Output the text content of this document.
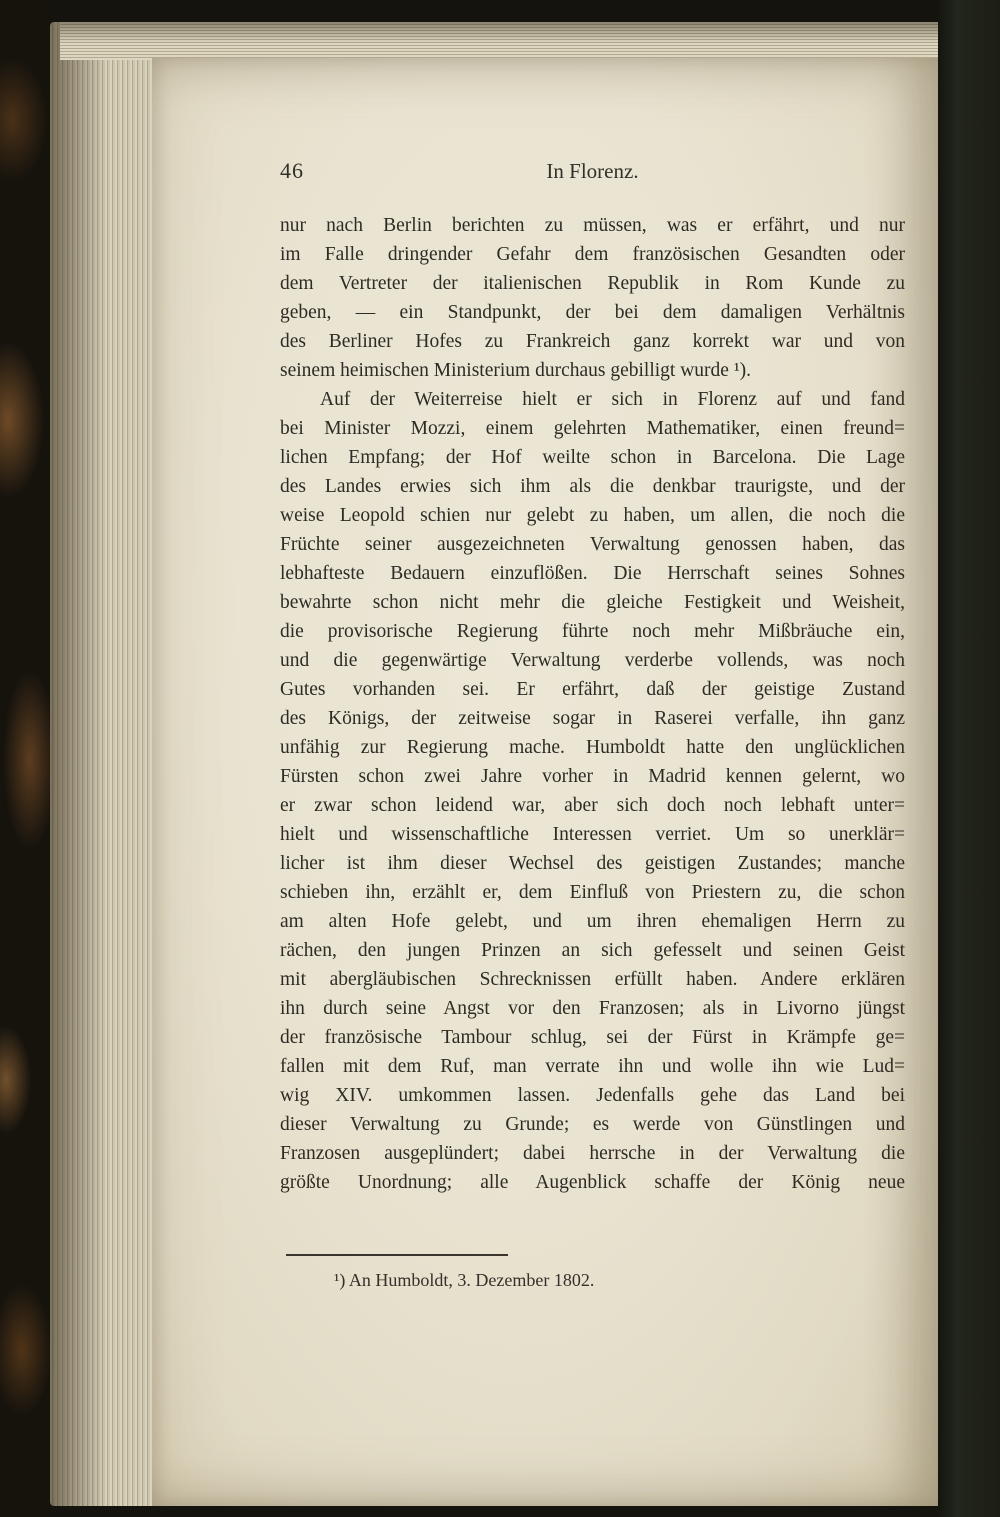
46	In Florenz.
nur nach Berlin berichten zu müssen, was er erfährt, und nur
im Falle dringender Gefahr dem französischen Gesandten oder
dem Vertreter der italienischen Republik in Rom Kunde zu
geben, — ein Standpunkt, der bei dem damaligen Verhältnis
des Berliner Hofes zu Frankreich ganz korrekt war und von
seinem heimischen Ministerium durchaus gebilligt wurde ¹).
Auf der Weiterreise hielt er sich in Florenz auf und fand
bei Minister Mozzi, einem gelehrten Mathematiker, einen freund=
lichen Empfang; der Hof weilte schon in Barcelona. Die Lage
des Landes erwies sich ihm als die denkbar traurigste, und der
weise Leopold schien nur gelebt zu haben, um allen, die noch die
Früchte seiner ausgezeichneten Verwaltung genossen haben, das
lebhafteste Bedauern einzuflößen. Die Herrschaft seines Sohnes
bewahrte schon nicht mehr die gleiche Festigkeit und Weisheit,
die provisorische Regierung führte noch mehr Mißbräuche ein,
und die gegenwärtige Verwaltung verderbe vollends, was noch
Gutes vorhanden sei. Er erfährt, daß der geistige Zustand
des Königs, der zeitweise sogar in Raserei verfalle, ihn ganz
unfähig zur Regierung mache. Humboldt hatte den unglücklichen
Fürsten schon zwei Jahre vorher in Madrid kennen gelernt, wo
er zwar schon leidend war, aber sich doch noch lebhaft unter=
hielt und wissenschaftliche Interessen verriet. Um so unerklär=
licher ist ihm dieser Wechsel des geistigen Zustandes; manche
schieben ihn, erzählt er, dem Einfluß von Priestern zu, die schon
am alten Hofe gelebt, und um ihren ehemaligen Herrn zu
rächen, den jungen Prinzen an sich gefesselt und seinen Geist
mit abergläubischen Schrecknissen erfüllt haben. Andere erklären
ihn durch seine Angst vor den Franzosen; als in Livorno jüngst
der französische Tambour schlug, sei der Fürst in Krämpfe ge=
fallen mit dem Ruf, man verrate ihn und wolle ihn wie Lud=
wig XIV. umkommen lassen. Jedenfalls gehe das Land bei
dieser Verwaltung zu Grunde; es werde von Günstlingen und
Franzosen ausgeplündert; dabei herrsche in der Verwaltung die
größte Unordnung; alle Augenblick schaffe der König neue
¹) An Humboldt, 3. Dezember 1802.
